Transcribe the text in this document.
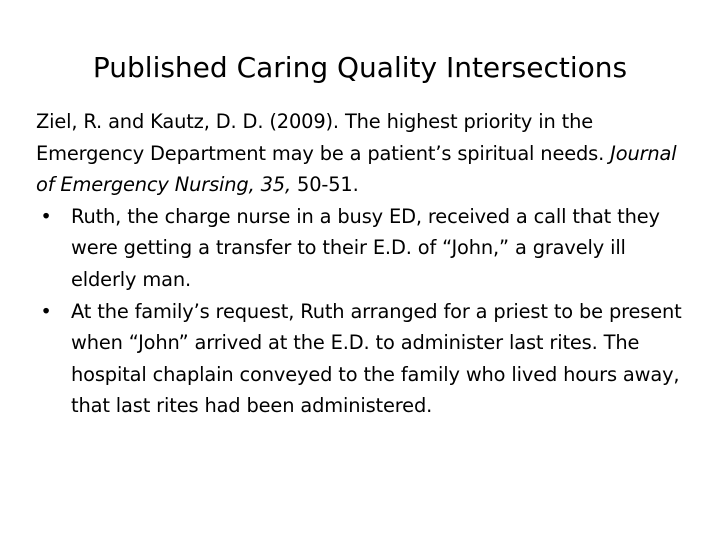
Published Caring Quality Intersections

Ziel, R. and Kautz, D. D. (2009). The highest priority in the Emergency Department may be a patient’s spiritual needs. Journal of Emergency Nursing, 35, 50-51.

• Ruth, the charge nurse in a busy ED, received a call that they were getting a transfer to their E.D. of “John,” a gravely ill elderly man.
• At the family’s request, Ruth arranged for a priest to be present when “John” arrived at the E.D. to administer last rites. The hospital chaplain conveyed to the family who lived hours away, that last rites had been administered.
